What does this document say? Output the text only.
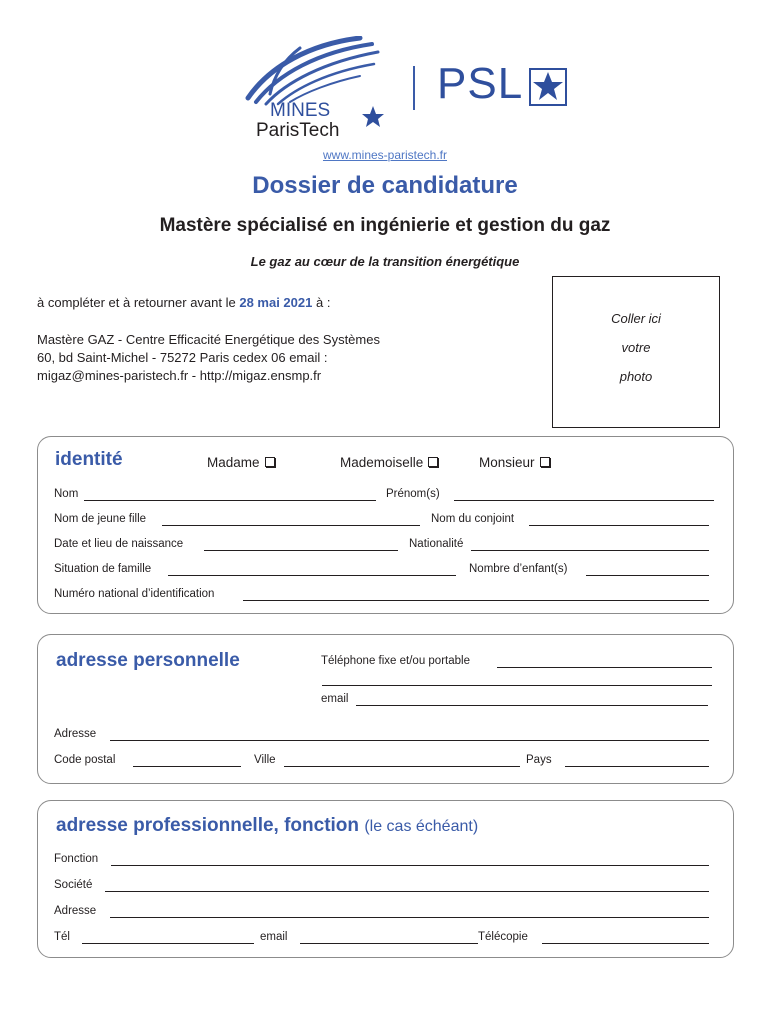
MINES
ParisTech
PSL
www.mines-paristech.fr
Dossier de candidature
Mastère spécialisé en ingénierie et gestion du gaz
Le gaz au cœur de la transition énergétique
à compléter et à retourner avant le 28 mai 2021 à :
Mastère GAZ - Centre Efficacité Energétique des Systèmes
60, bd Saint-Michel - 75272 Paris cedex 06 email :
migaz@mines-paristech.fr - http://migaz.ensmp.fr
Coller ici
votre
photo
identité	Madame	Mademoiselle	Monsieur
Nom	Prénom(s)
Nom de jeune fille	Nom du conjoint
Date et lieu de naissance	Nationalité
Situation de famille	Nombre d’enfant(s)
Numéro national d’identification
adresse personnelle	Téléphone fixe et/ou portable
email
Adresse
Code postal	Ville	Pays
adresse professionnelle, fonction (le cas échéant)
Fonction
Société
Adresse
Tél	email	Télécopie
